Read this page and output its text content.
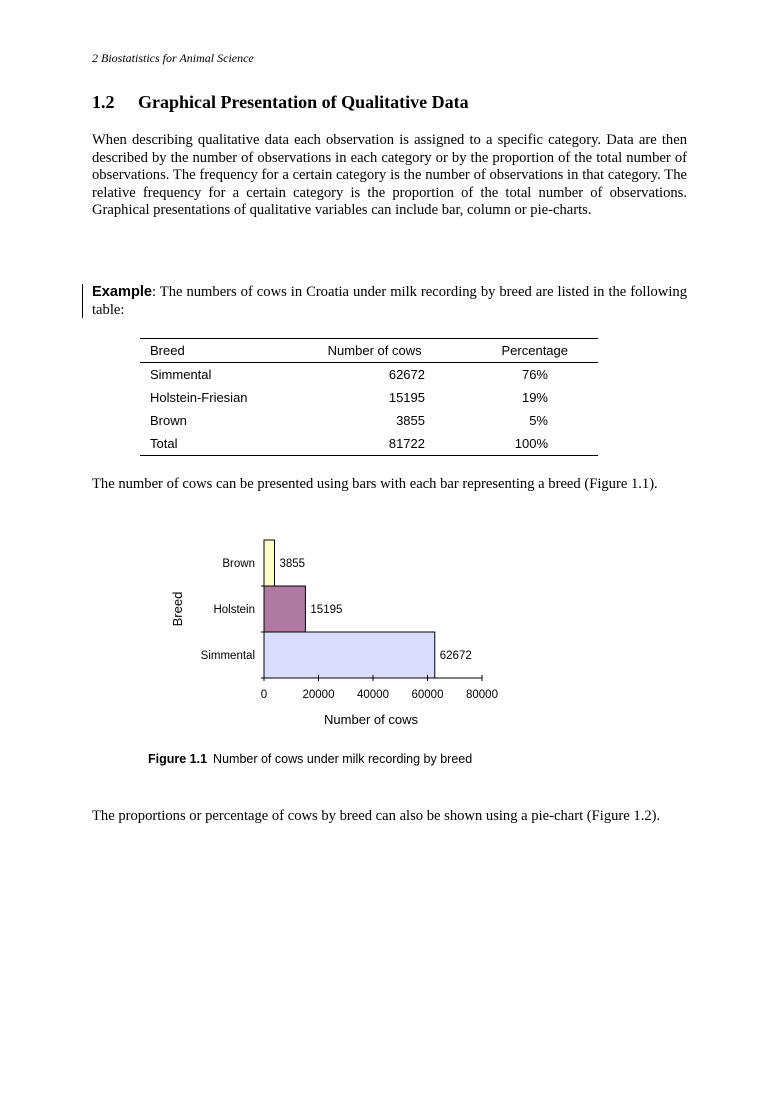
2 Biostatistics for Animal Science
1.2 Graphical Presentation of Qualitative Data
When describing qualitative data each observation is assigned to a specific category. Data are then described by the number of observations in each category or by the proportion of the total number of observations. The frequency for a certain category is the number of observations in that category. The relative frequency for a certain category is the proportion of the total number of observations. Graphical presentations of qualitative variables can include bar, column or pie-charts.
Example: The numbers of cows in Croatia under milk recording by breed are listed in the following table:
Breed	Number of cows	Percentage
Simmental	62672	76%
Holstein-Friesian	15195	19%
Brown	3855	5%
Total	81722	100%
The number of cows can be presented using bars with each bar representing a breed (Figure 1.1).
0	20000 40000 60000 80000
Simmental
Holstein
Brown
62672
15195
3855
Number of cows
Breed
Figure 1.1 Number of cows under milk recording by breed
The proportions or percentage of cows by breed can also be shown using a pie-chart (Figure 1.2).
